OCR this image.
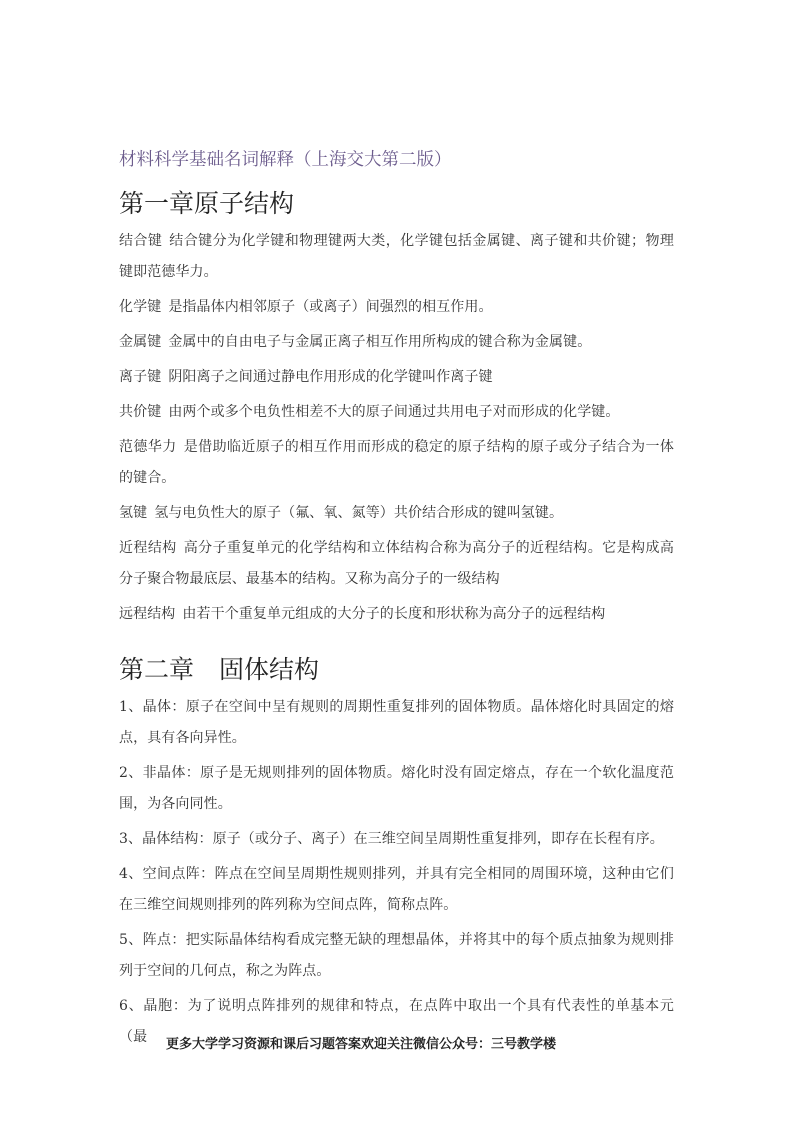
材料科学基础名词解释（上海交大第二版）
第一章原子结构

结合键 结合键分为化学键和物理键两大类，化学键包括金属键、离子键和共价键；物理键即范德华力。

化学键 是指晶体内相邻原子（或离子）间强烈的相互作用。

金属键 金属中的自由电子与金属正离子相互作用所构成的键合称为金属键。

离子键 阴阳离子之间通过静电作用形成的化学键叫作离子键

共价键 由两个或多个电负性相差不大的原子间通过共用电子对而形成的化学键。

范德华力 是借助临近原子的相互作用而形成的稳定的原子结构的原子或分子结合为一体的键合。

氢键 氢与电负性大的原子（氟、氧、氮等）共价结合形成的键叫氢键。

近程结构 高分子重复单元的化学结构和立体结构合称为高分子的近程结构。它是构成高分子聚合物最底层、最基本的结构。又称为高分子的一级结构

远程结构 由若干个重复单元组成的大分子的长度和形状称为高分子的远程结构

第二章　固体结构

1、晶体：原子在空间中呈有规则的周期性重复排列的固体物质。晶体熔化时具固定的熔点，具有各向异性。

2、非晶体：原子是无规则排列的固体物质。熔化时没有固定熔点，存在一个软化温度范围，为各向同性。

3、晶体结构：原子（或分子、离子）在三维空间呈周期性重复排列，即存在长程有序。

4、空间点阵：阵点在空间呈周期性规则排列，并具有完全相同的周围环境，这种由它们在三维空间规则排列的阵列称为空间点阵，简称点阵。

5、阵点：把实际晶体结构看成完整无缺的理想晶体，并将其中的每个质点抽象为规则排列于空间的几何点，称之为阵点。

6、晶胞：为了说明点阵排列的规律和特点，在点阵中取出一个具有代表性的单基本元（最	更多大学学习资源和课后习题答案欢迎关注微信公众号：三号教学楼
